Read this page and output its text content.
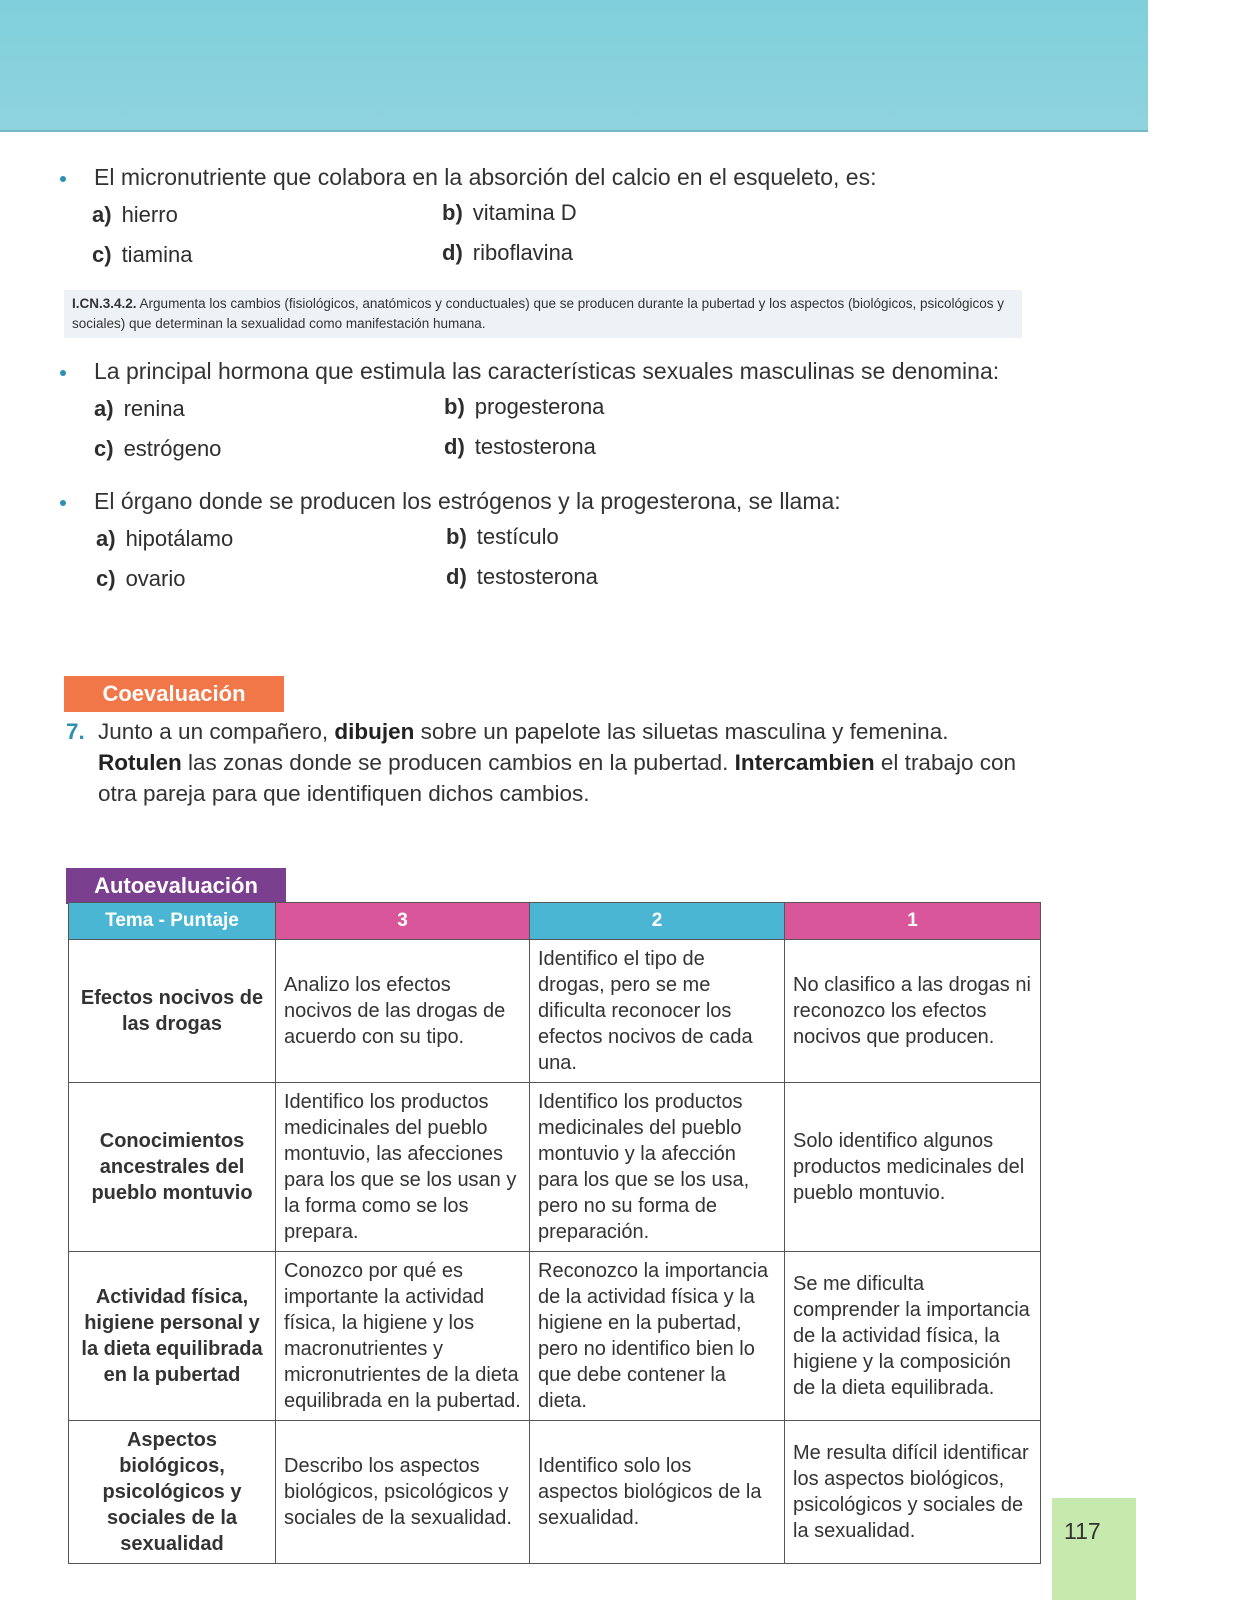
El micronutriente que colabora en la absorción del calcio en el esqueleto, es:
a) hierro	b) vitamina D
c) tiamina	d) riboflavina
I.CN.3.4.2. Argumenta los cambios (fisiológicos, anatómicos y conductuales) que se producen durante la pubertad y los aspectos (biológicos, psicológicos y sociales) que determinan la sexualidad como manifestación humana.
La principal hormona que estimula las características sexuales masculinas se denomina:
a) renina	b) progesterona
c) estrógeno	d) testosterona
El órgano donde se producen los estrógenos y la progesterona, se llama:
a) hipotálamo	b) testículo
c) ovario	d) testosterona
Coevaluación
7. Junto a un compañero, dibujen sobre un papelote las siluetas masculina y femenina. Rotulen las zonas donde se producen cambios en la pubertad. Intercambien el trabajo con otra pareja para que identifiquen dichos cambios.
Autoevaluación
Tema - Puntaje	3	2	1
Efectos nocivos de las drogas	Analizo los efectos nocivos de las drogas de acuerdo con su tipo.	Identifico el tipo de drogas, pero se me dificulta reconocer los efectos nocivos de cada una.	No clasifico a las drogas ni reconozco los efectos nocivos que producen.
Conocimientos ancestrales del pueblo montuvio	Identifico los productos medicinales del pueblo montuvio, las afecciones para los que se los usan y la forma como se los prepara.	Identifico los productos medicinales del pueblo montuvio y la afección para los que se los usa, pero no su forma de preparación.	Solo identifico algunos productos medicinales del pueblo montuvio.
Actividad física, higiene personal y la dieta equilibrada en la pubertad	Conozco por qué es importante la actividad física, la higiene y los macronutrientes y micronutrientes de la dieta equilibrada en la pubertad.	Reconozco la importancia de la actividad física y la higiene en la pubertad, pero no identifico bien lo que debe contener la dieta.	Se me dificulta comprender la importancia de la actividad física, la higiene y la composición de la dieta equilibrada.
Aspectos biológicos, psicológicos y sociales de la sexualidad	Describo los aspectos biológicos, psicológicos y sociales de la sexualidad.	Identifico solo los aspectos biológicos de la sexualidad.	Me resulta difícil identificar los aspectos biológicos, psicológicos y sociales de la sexualidad.	117
